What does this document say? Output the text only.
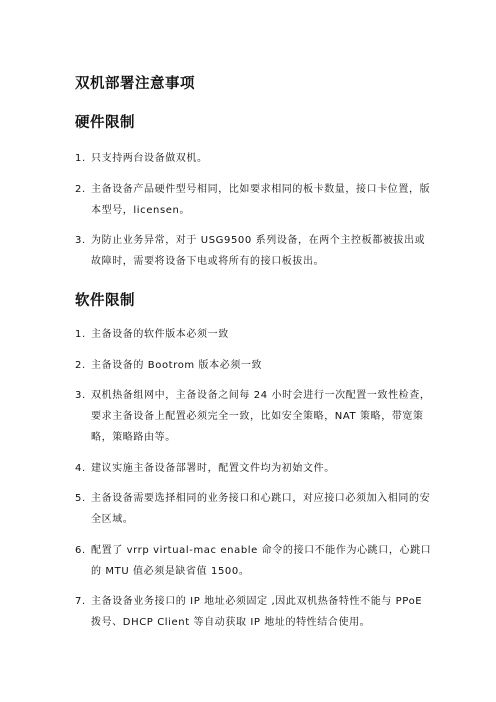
双机部署注意事项
硬件限制
1. 只支持两台设备做双机。
2. 主备设备产品硬件型号相同，比如要求相同的板卡数量，接口卡位置，版本型号，licensen。
3. 为防止业务异常，对于 USG9500 系列设备，在两个主控板都被拔出或故障时，需要将设备下电或将所有的接口板拔出。
软件限制
1. 主备设备的软件版本必须一致
2. 主备设备的 Bootrom 版本必须一致
3. 双机热备组网中，主备设备之间每 24 小时会进行一次配置一致性检查，要求主备设备上配置必须完全一致，比如安全策略，NAT 策略，带宽策略，策略路由等。
4. 建议实施主备设备部署时，配置文件均为初始文件。
5. 主备设备需要选择相同的业务接口和心跳口，对应接口必须加入相同的安全区域。
6. 配置了 vrrp virtual-mac enable 命令的接口不能作为心跳口，心跳口的 MTU 值必须是缺省值 1500。
7. 主备设备业务接口的 IP 地址必须固定 ,因此双机热备特性不能与 PPoE 拨号、DHCP Client 等自动获取 IP 地址的特性结合使用。
